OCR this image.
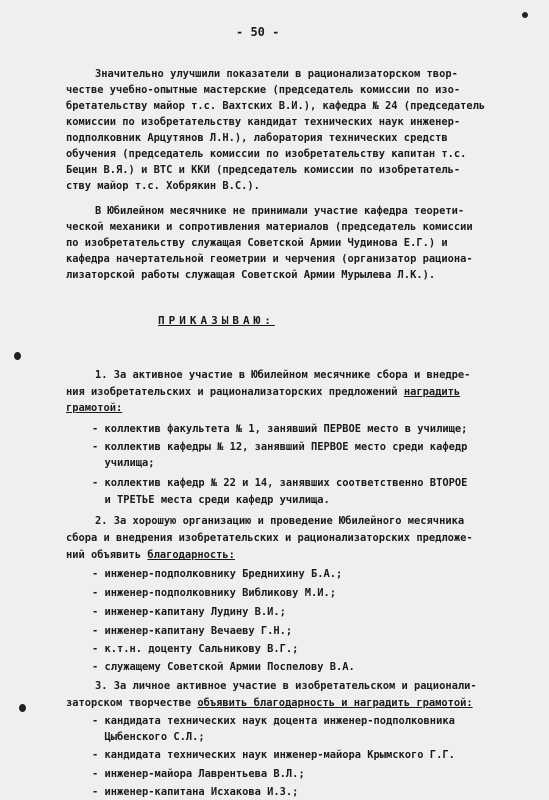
- 50 -
Значительно улучшили показатели в рационализаторском твор-
честве учебно-опытные мастерские (председатель комиссии по изо-
бретательству майор т.с. Вахтских В.И.), кафедра № 24 (председатель
комиссии по изобретательству кандидат технических наук инженер-
подполковник Арцутянов Л.Н.), лаборатория технических средств
обучения (председатель комиссии по изобретательству капитан т.с.
Бецин В.Я.) и ВТС и ККИ (председатель комиссии по изобретатель-
ству майор т.с. Хобрякин В.С.).
В Юбилейном месячнике не принимали участие кафедра теорети-
ческой механики и сопротивления материалов (председатель комиссии
по изобретательству служащая Советской Армии Чудинова Е.Г.) и
кафедра начертательной геометрии и черчения (организатор рациона-
лизаторской работы служащая Советской Армии Мурылева Л.К.).
ПРИКАЗЫВАЮ:
1. За активное участие в Юбилейном месячнике сбора и внедре-
ния изобретательских и рационализаторских предложений наградить
грамотой:
- коллектив факультета № 1, занявший ПЕРВОЕ место в училище;
- коллектив кафедры № 12, занявший ПЕРВОЕ место среди кафедр
училища;
- коллектив кафедр № 22 и 14, занявших соответственно ВТОРОЕ
и ТРЕТЬЕ места среди кафедр училища.
2. За хорошую организацию и проведение Юбилейного месячника
сбора и внедрения изобретательских и рационализаторских предложе-
ний объявить благодарность:
- инженер-подполковнику Бреднихину Б.А.;
- инженер-подполковнику Вибликову М.И.;
- инженер-капитану Лудину В.И.;
- инженер-капитану Вечаеву Г.Н.;
- к.т.н. доценту Сальникову В.Г.;
- служащему Советской Армии Поспелову В.А.
3. За личное активное участие в изобретательском и рационали-
заторском творчестве объявить благодарность и наградить грамотой:
- кандидата технических наук доцента инженер-подполковника
Цыбенского С.Л.;
- кандидата технических наук инженер-майора Крымского Г.Г.
- инженер-майора Лаврентьева В.Л.;
- инженер-капитана Исхакова И.З.;
